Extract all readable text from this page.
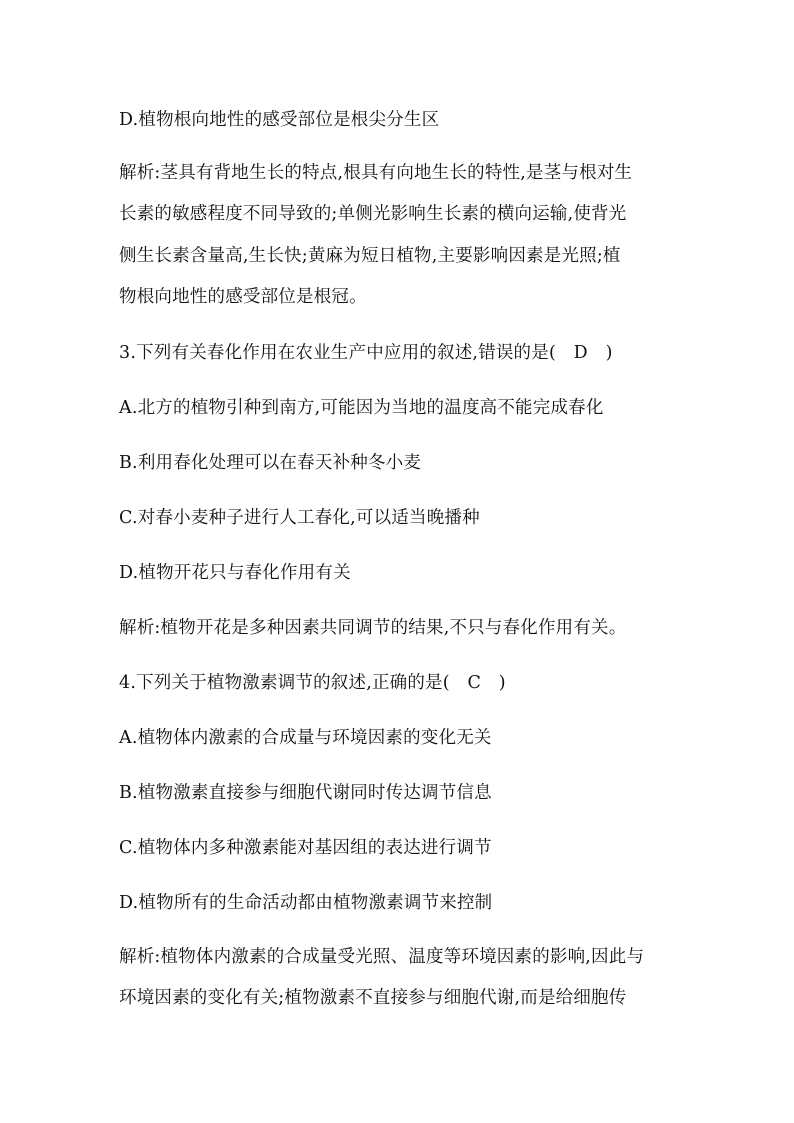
D.植物根向地性的感受部位是根尖分生区
解析:茎具有背地生长的特点,根具有向地生长的特性,是茎与根对生
长素的敏感程度不同导致的;单侧光影响生长素的横向运输,使背光
侧生长素含量高,生长快;黄麻为短日植物,主要影响因素是光照;植
物根向地性的感受部位是根冠。
3.下列有关春化作用在农业生产中应用的叙述,错误的是(　D　)
A.北方的植物引种到南方,可能因为当地的温度高不能完成春化
B.利用春化处理可以在春天补种冬小麦
C.对春小麦种子进行人工春化,可以适当晚播种
D.植物开花只与春化作用有关
解析:植物开花是多种因素共同调节的结果,不只与春化作用有关。
4.下列关于植物激素调节的叙述,正确的是(　C　)
A.植物体内激素的合成量与环境因素的变化无关
B.植物激素直接参与细胞代谢同时传达调节信息
C.植物体内多种激素能对基因组的表达进行调节
D.植物所有的生命活动都由植物激素调节来控制
解析:植物体内激素的合成量受光照、温度等环境因素的影响,因此与
环境因素的变化有关;植物激素不直接参与细胞代谢,而是给细胞传
